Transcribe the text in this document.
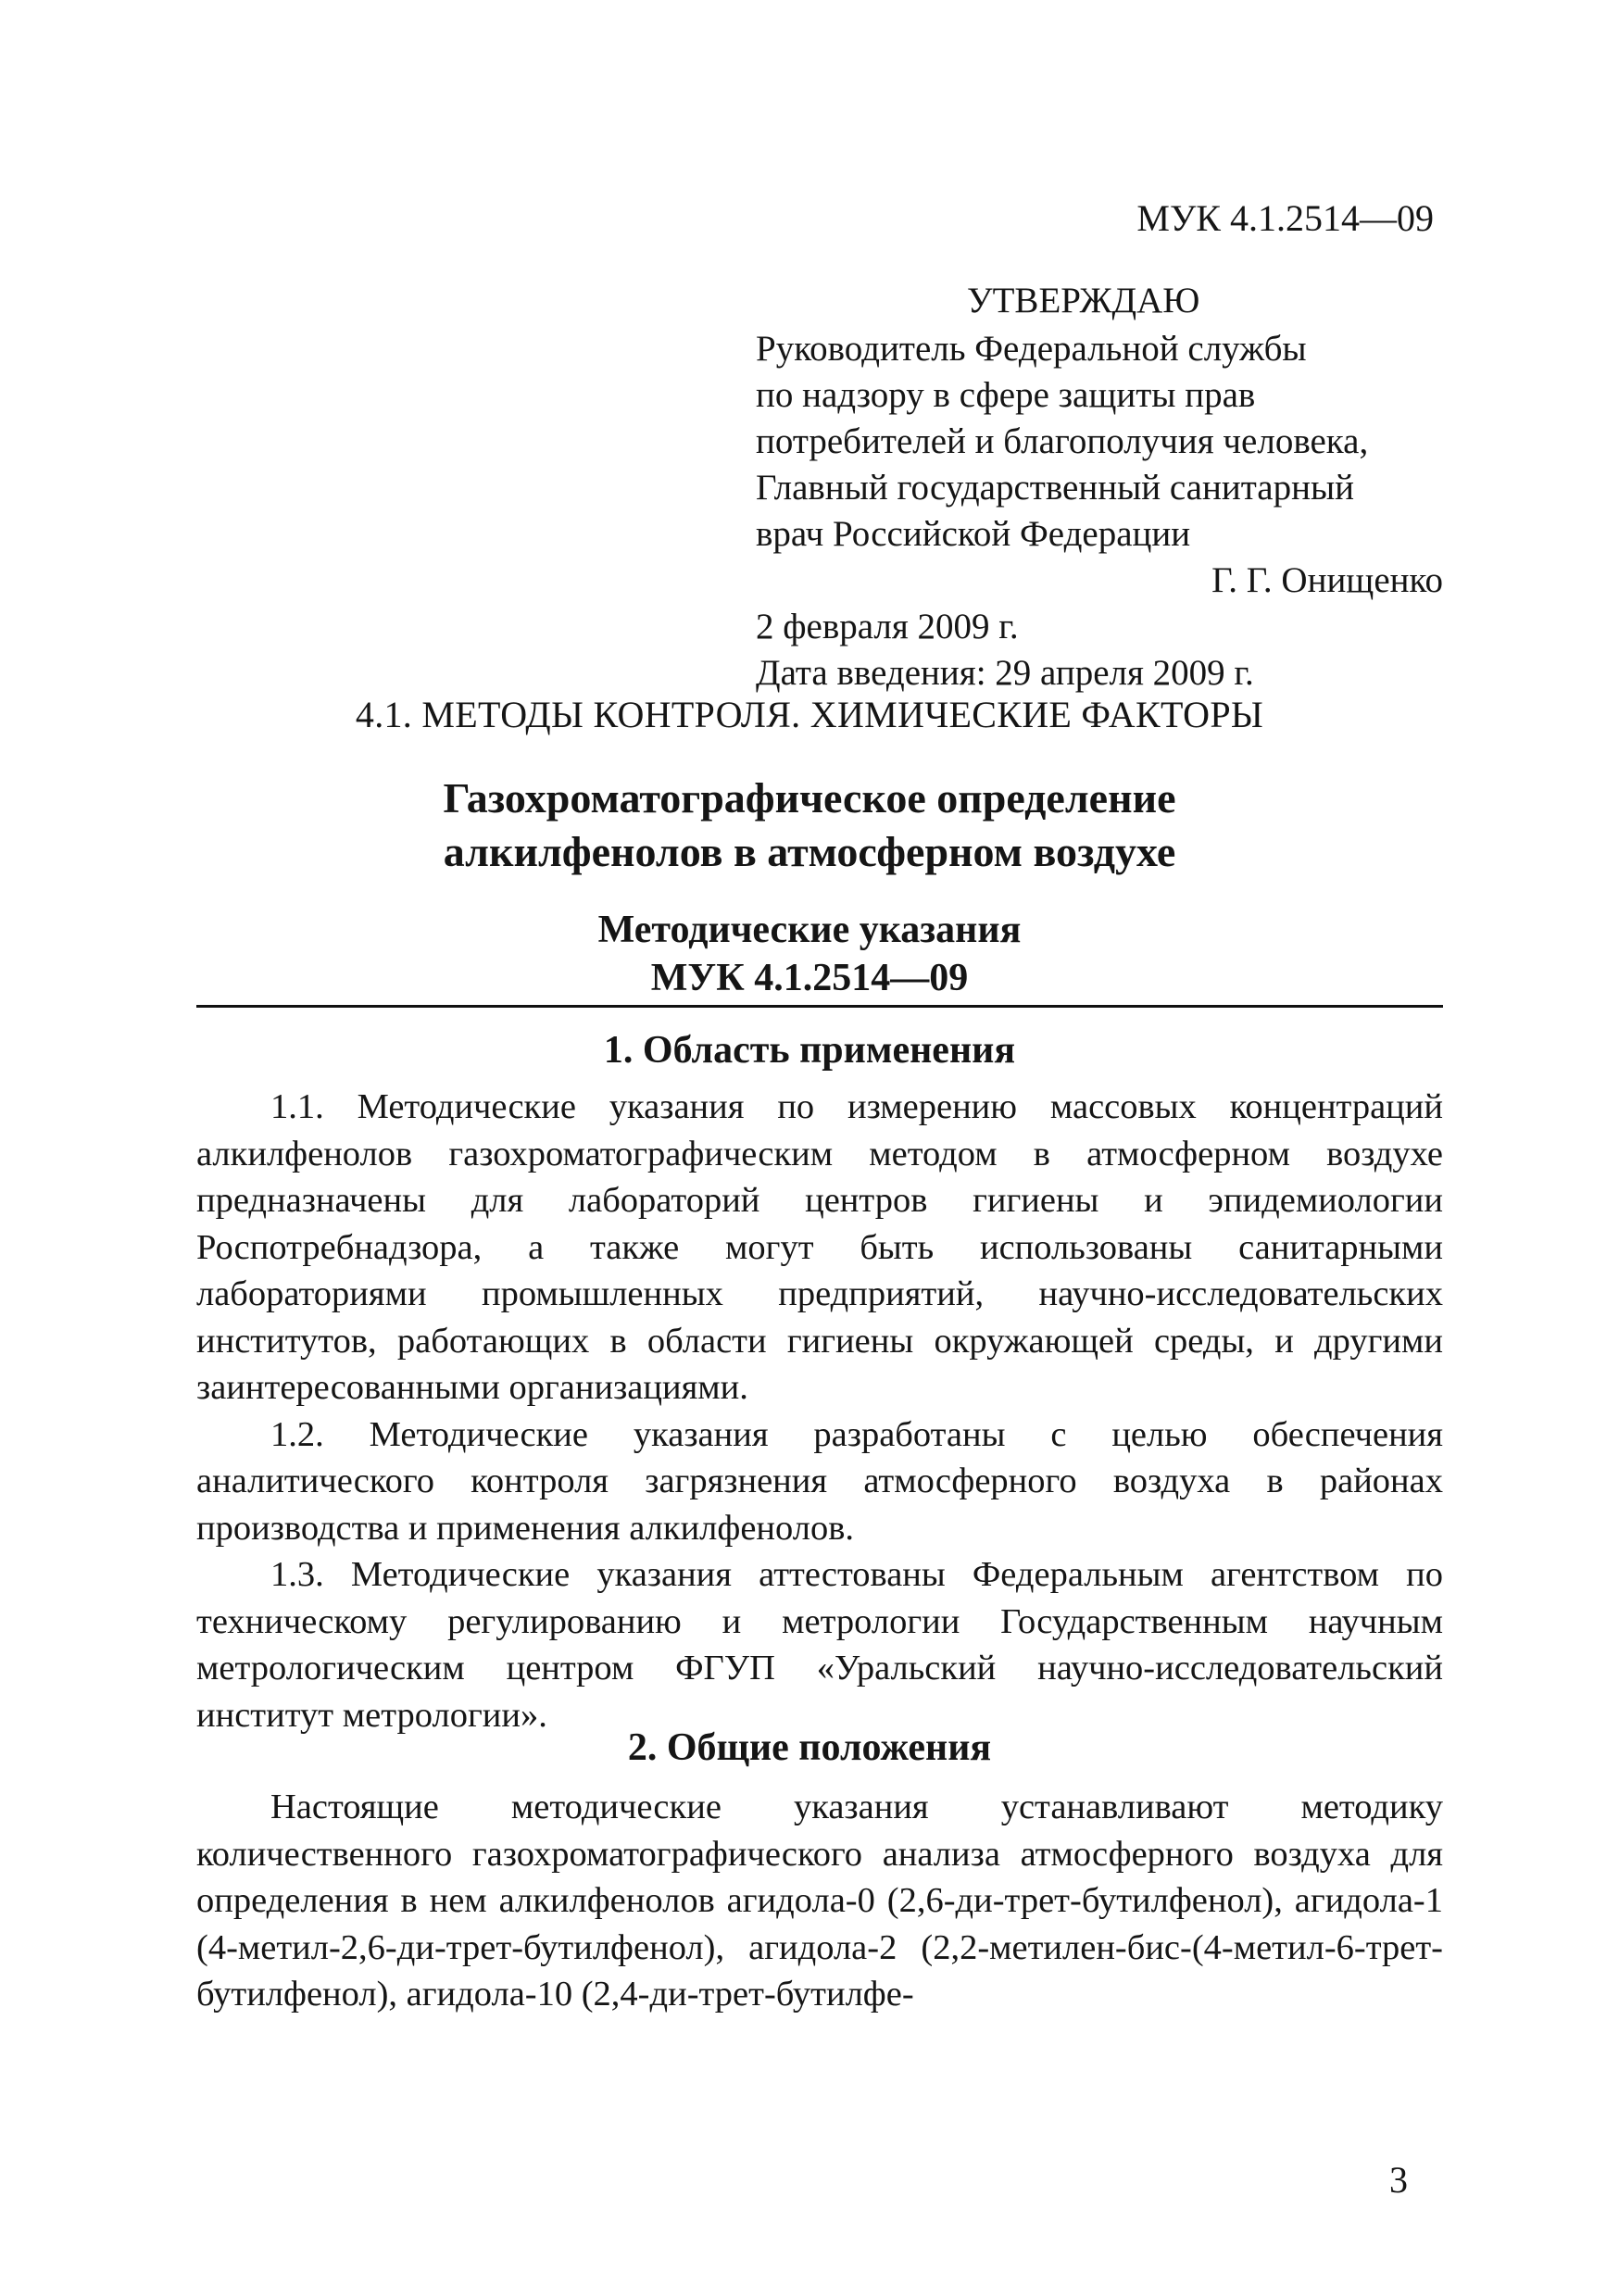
МУК 4.1.2514—09
УТВЕРЖДАЮ
Руководитель Федеральной службы
по надзору в сфере защиты прав
потребителей и благополучия человека,
Главный государственный санитарный
врач Российской Федерации
Г. Г. Онищенко
2 февраля 2009 г.
Дата введения: 29 апреля 2009 г.
4.1. МЕТОДЫ КОНТРОЛЯ. ХИМИЧЕСКИЕ ФАКТОРЫ
Газохроматографическое определение
алкилфенолов в атмосферном воздухе
Методические указания
МУК 4.1.2514—09
1. Область применения

1.1. Методические указания по измерению массовых концентраций алкилфенолов газохроматографическим методом в атмосферном воздухе предназначены для лабораторий центров гигиены и эпидемиологии Роспотребнадзора, а также могут быть использованы санитарными лабораториями промышленных предприятий, научно-исследовательских институтов, работающих в области гигиены окружающей среды, и другими заинтересованными организациями.

1.2. Методические указания разработаны с целью обеспечения аналитического контроля загрязнения атмосферного воздуха в районах производства и применения алкилфенолов.

1.3. Методические указания аттестованы Федеральным агентством по техническому регулированию и метрологии Государственным научным метрологическим центром ФГУП «Уральский научно-исследовательский институт метрологии».

2. Общие положения

Настоящие методические указания устанавливают методику количественного газохроматографического анализа атмосферного воздуха для определения в нем алкилфенолов агидола-0 (2,6-ди-трет-бутилфенол), агидола-1 (4-метил-2,6-ди-трет-бутилфенол), агидола-2 (2,2-метилен-бис-(4-метил-6-трет-бутилфенол), агидола-10 (2,4-ди-трет-бутилфе-

3
